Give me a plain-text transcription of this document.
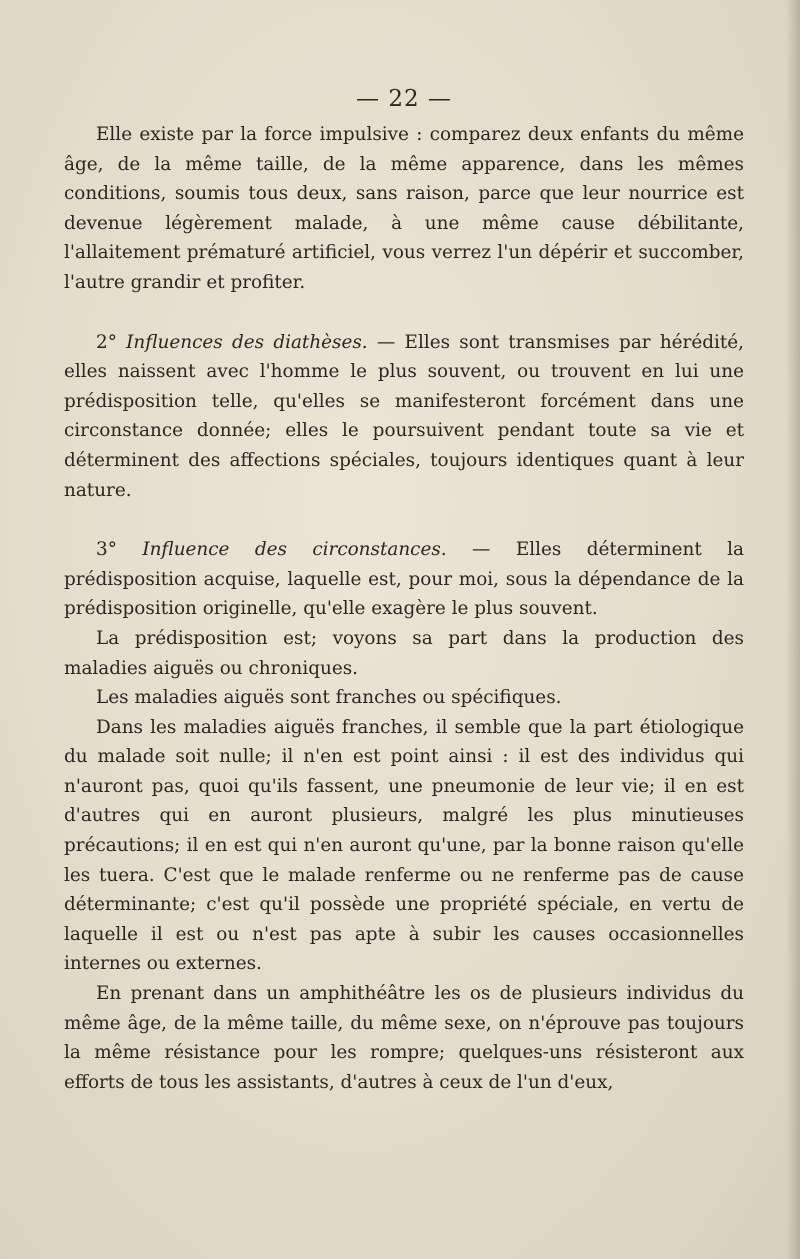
— 22 —

Elle existe par la force impulsive : comparez deux enfants du même âge, de la même taille, de la même apparence, dans les mêmes conditions, soumis tous deux, sans raison, parce que leur nourrice est devenue légèrement malade, à une même cause débilitante, l'allaitement prématuré artificiel, vous verrez l'un dépérir et succomber, l'autre grandir et profiter.

2° Influences des diathèses. — Elles sont transmises par hérédité, elles naissent avec l'homme le plus souvent, ou trouvent en lui une prédisposition telle, qu'elles se manifesteront forcément dans une circonstance donnée; elles le poursuivent pendant toute sa vie et déterminent des affections spéciales, toujours identiques quant à leur nature.

3° Influence des circonstances. — Elles déterminent la prédisposition acquise, laquelle est, pour moi, sous la dépendance de la prédisposition originelle, qu'elle exagère le plus souvent.

La prédisposition est; voyons sa part dans la production des maladies aiguës ou chroniques.

Les maladies aiguës sont franches ou spécifiques.

Dans les maladies aiguës franches, il semble que la part étiologique du malade soit nulle; il n'en est point ainsi : il est des individus qui n'auront pas, quoi qu'ils fassent, une pneumonie de leur vie; il en est d'autres qui en auront plusieurs, malgré les plus minutieuses précautions; il en est qui n'en auront qu'une, par la bonne raison qu'elle les tuera. C'est que le malade renferme ou ne renferme pas de cause déterminante; c'est qu'il possède une propriété spéciale, en vertu de laquelle il est ou n'est pas apte à subir les causes occasionnelles internes ou externes.

En prenant dans un amphithéâtre les os de plusieurs individus du même âge, de la même taille, du même sexe, on n'éprouve pas toujours la même résistance pour les rompre; quelques-uns résisteront aux efforts de tous les assistants, d'autres à ceux de l'un d'eux,
